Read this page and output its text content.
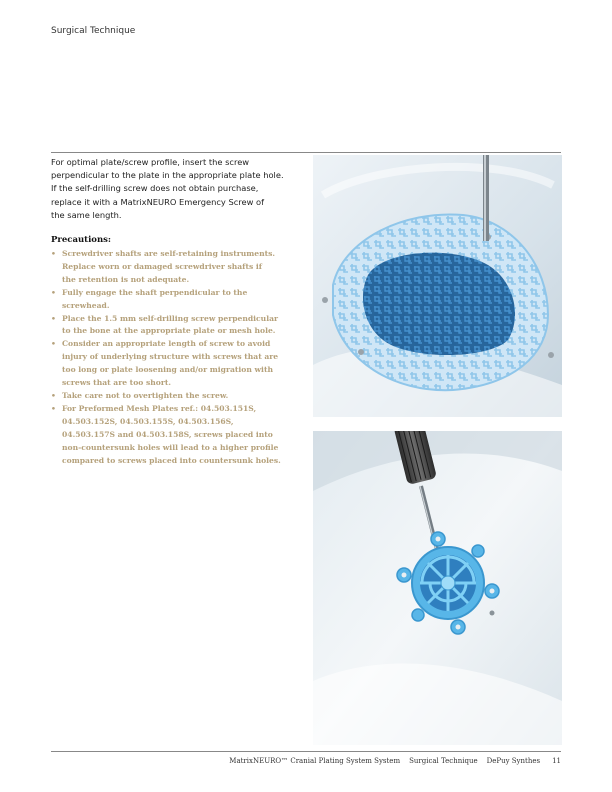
Surgical Technique

For optimal plate/screw profile, insert the screw

perpendicular to the plate in the appropriate plate hole.

If the self-drilling screw does not obtain purchase,

replace it with a MatrixNEURO Emergency Screw of

the same length.

Precautions:
• Screwdriver shafts are self-retaining instruments.
Replace worn or damaged screwdriver shafts if
the retention is not adequate.
• Fully engage the shaft perpendicular to the
screwhead.
• Place the 1.5 mm self-drilling screw perpendicular
to the bone at the appropriate plate or mesh hole.
• Consider an appropriate length of screw to avoid
injury of underlying structure with screws that are
too long or plate loosening and/or migration with
screws that are too short.
• Take care not to overtighten the screw.
• For Preformed Mesh Plates ref.: 04.503.151S,
04.503.152S, 04.503.155S, 04.503.156S,
04.503.157S and 04.503.158S, screws placed into
non-countersunk holes will lead to a higher profile
compared to screws placed into countersunk holes.
MatrixNEURO™ Cranial Plating System System Surgical Technique DePuy Synthes 11
